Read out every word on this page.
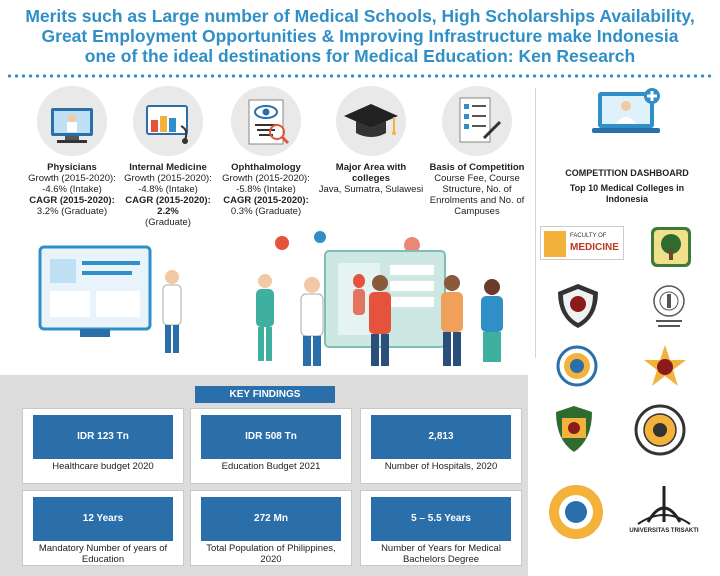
Merits such as Large number of Medical Schools, High Scholarships Availability,
Great Employment Opportunities & Improving Infrastructure make Indonesia
one of the ideal destinations for Medical Education: Ken Research
Physicians
Growth (2015-2020):
-4.6% (Intake)
CAGR (2015-2020):
3.2% (Graduate)
Internal Medicine
Growth (2015-2020):
-4.8% (Intake)
CAGR (2015-2020): 2.2%
(Graduate)
Ophthalmology
Growth (2015-2020):
-5.8% (Intake)
CAGR (2015-2020):
0.3% (Graduate)
Major Area with colleges
Java, Sumatra, Sulawesi
Basis of Competition
Course Fee, Course
Structure, No. of
Enrolments and No. of
Campuses
COMPETITION DASHBOARD
Top 10 Medical Colleges in Indonesia
FACULTY OF
MEDICINE
UNIVERSITAS TRISAKTI
KEY FINDINGS
IDR 123 Tn
Healthcare budget 2020
IDR 508 Tn
Education Budget 2021
2,813
Number of Hospitals, 2020
12 Years
Mandatory Number of years of Education
272 Mn
Total Population of Philippines, 2020
5 – 5.5 Years
Number of Years for Medical Bachelors Degree
